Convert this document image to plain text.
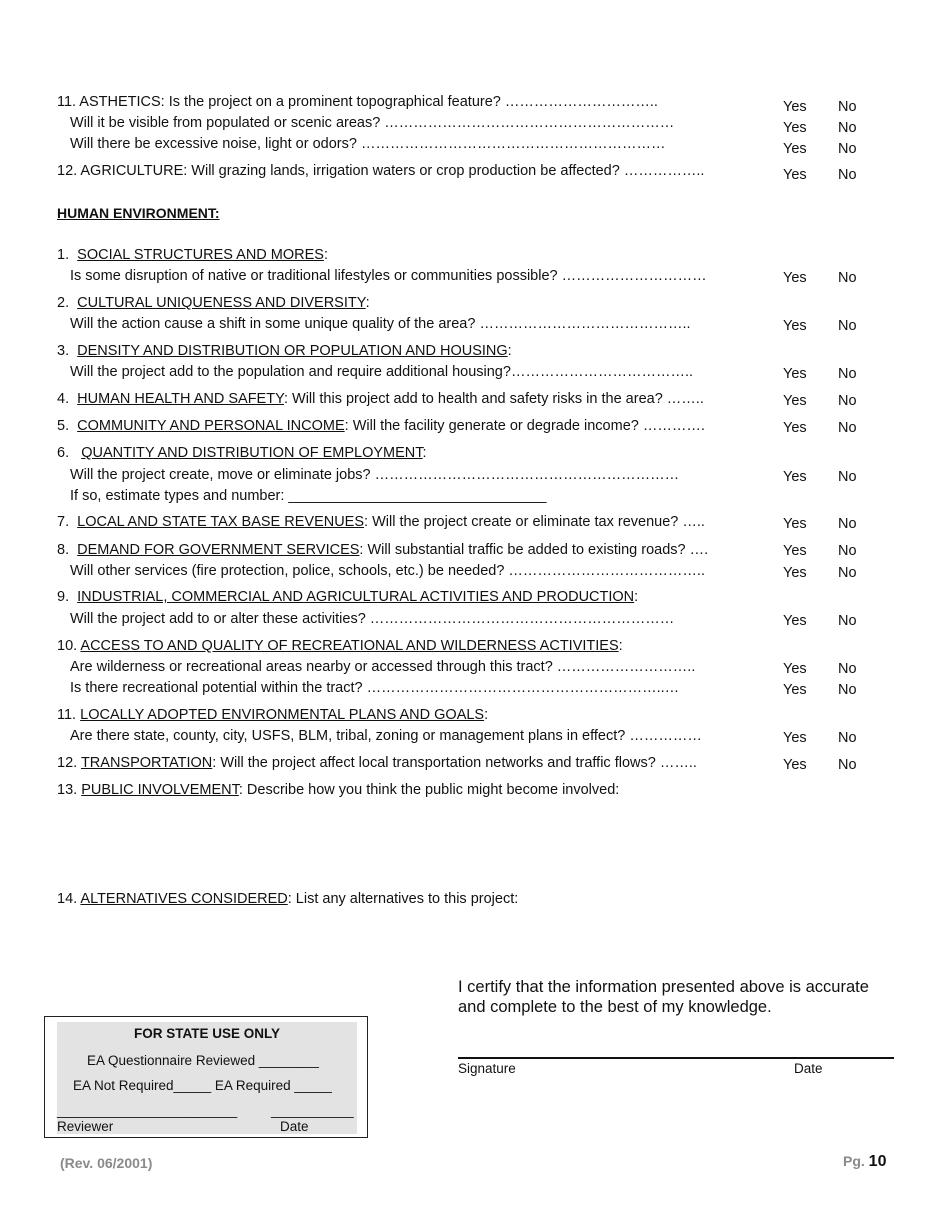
11. ASTHETICS: Is the project on a prominent topographical feature? …………………………..	Yes No
Will it be visible from populated or scenic areas? ……………………………………………………	Yes No
Will there be excessive noise, light or odors? ………………………………………………………	Yes No
12. AGRICULTURE: Will grazing lands, irrigation waters or crop production be affected? ……………..	Yes No
HUMAN ENVIRONMENT:
1. SOCIAL STRUCTURES AND MORES:
Is some disruption of native or traditional lifestyles or communities possible? …………………………	Yes No
2. CULTURAL UNIQUENESS AND DIVERSITY:
Will the action cause a shift in some unique quality of the area? ……………………………………..	Yes No
3. DENSITY AND DISTRIBUTION OR POPULATION AND HOUSING:
Will the project add to the population and require additional housing?………………………………..	Yes No
4. HUMAN HEALTH AND SAFETY: Will this project add to health and safety risks in the area? ……..	Yes No
5. COMMUNITY AND PERSONAL INCOME: Will the facility generate or degrade income? ………….	Yes No
6. QUANTITY AND DISTRIBUTION OF EMPLOYMENT:
Will the project create, move or eliminate jobs? ………………………………………………………	Yes No
If so, estimate types and number: ________________________________
7. LOCAL AND STATE TAX BASE REVENUES: Will the project create or eliminate tax revenue? …..	Yes No
8. DEMAND FOR GOVERNMENT SERVICES: Will substantial traffic be added to existing roads? ….	Yes No
Will other services (fire protection, police, schools, etc.) be needed? …………………………………..	Yes No
9. INDUSTRIAL, COMMERCIAL AND AGRICULTURAL ACTIVITIES AND PRODUCTION:
Will the project add to or alter these activities? ………………………………………………………	Yes No
10. ACCESS TO AND QUALITY OF RECREATIONAL AND WILDERNESS ACTIVITIES:
Are wilderness or recreational areas nearby or accessed through this tract? ………………………..	Yes No
Is there recreational potential within the tract? ……………………………………………………..…	Yes No
11. LOCALLY ADOPTED ENVIRONMENTAL PLANS AND GOALS:
Are there state, county, city, USFS, BLM, tribal, zoning or management plans in effect? ……………	Yes No
12. TRANSPORTATION: Will the project affect local transportation networks and traffic flows? ……..	Yes No
13. PUBLIC INVOLVEMENT: Describe how you think the public might become involved:
14. ALTERNATIVES CONSIDERED: List any alternatives to this project:
I certify that the information presented above is accurate
and complete to the best of my knowledge.
Signature	Date
FOR STATE USE ONLY
EA Questionnaire Reviewed ________
EA Not Required_____ EA Required _____
________________________	___________
Reviewer	Date
(Rev. 06/2001)	Pg. 10
